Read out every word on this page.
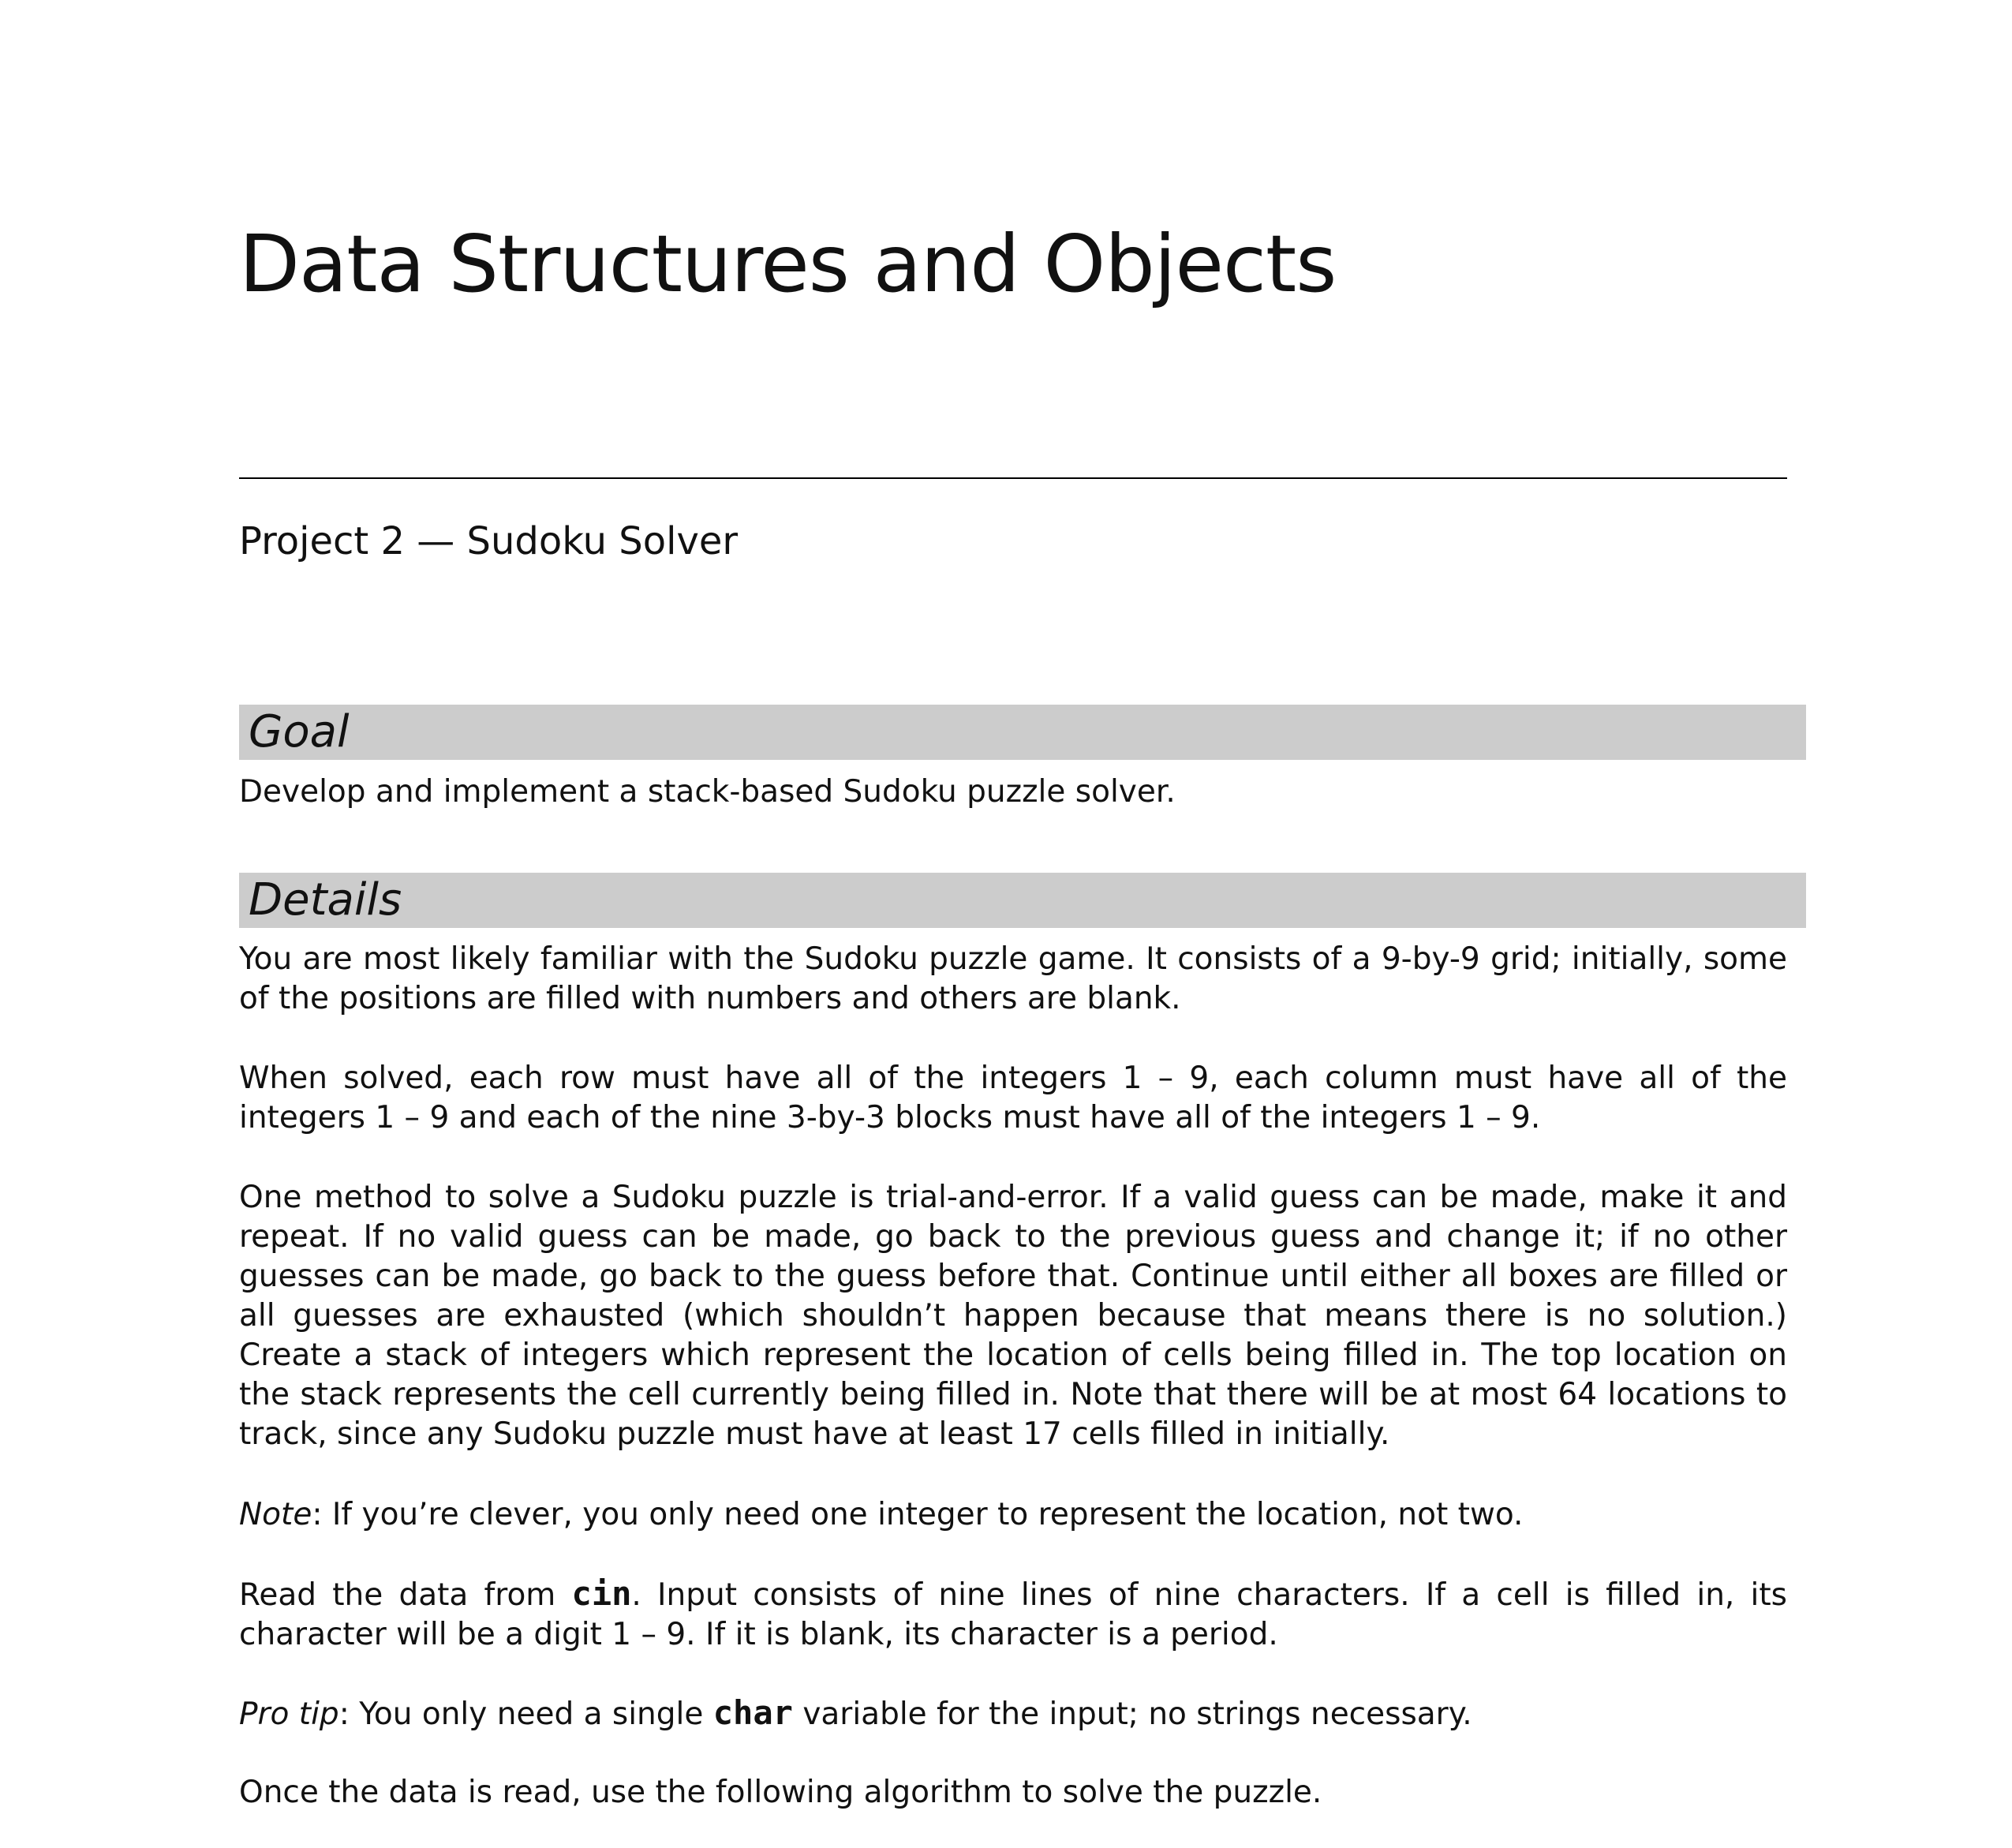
Data Structures and Objects
Project 2 — Sudoku Solver
Goal

Develop and implement a stack-based Sudoku puzzle solver.

Details

You are most likely familiar with the Sudoku puzzle game. It consists of a 9-by-9 grid; initially, some of the positions are filled with numbers and others are blank.

When solved, each row must have all of the integers 1 – 9, each column must have all of the integers 1 – 9 and each of the nine 3-by-3 blocks must have all of the integers 1 – 9.

One method to solve a Sudoku puzzle is trial-and-error. If a valid guess can be made, make it and repeat. If no valid guess can be made, go back to the previous guess and change it; if no other guesses can be made, go back to the guess before that. Continue until either all boxes are filled or all guesses are exhausted (which shouldn’t happen because that means there is no solution.) Create a stack of integers which represent the location of cells being filled in. The top location on the stack represents the cell currently being filled in. Note that there will be at most 64 locations to track, since any Sudoku puzzle must have at least 17 cells filled in initially.

Note: If you’re clever, you only need one integer to represent the location, not two.

Read the data from cin. Input consists of nine lines of nine characters. If a cell is filled in, its character will be a digit 1 – 9. If it is blank, its character is a period.

Pro tip: You only need a single char variable for the input; no strings necessary.

Once the data is read, use the following algorithm to solve the puzzle.
